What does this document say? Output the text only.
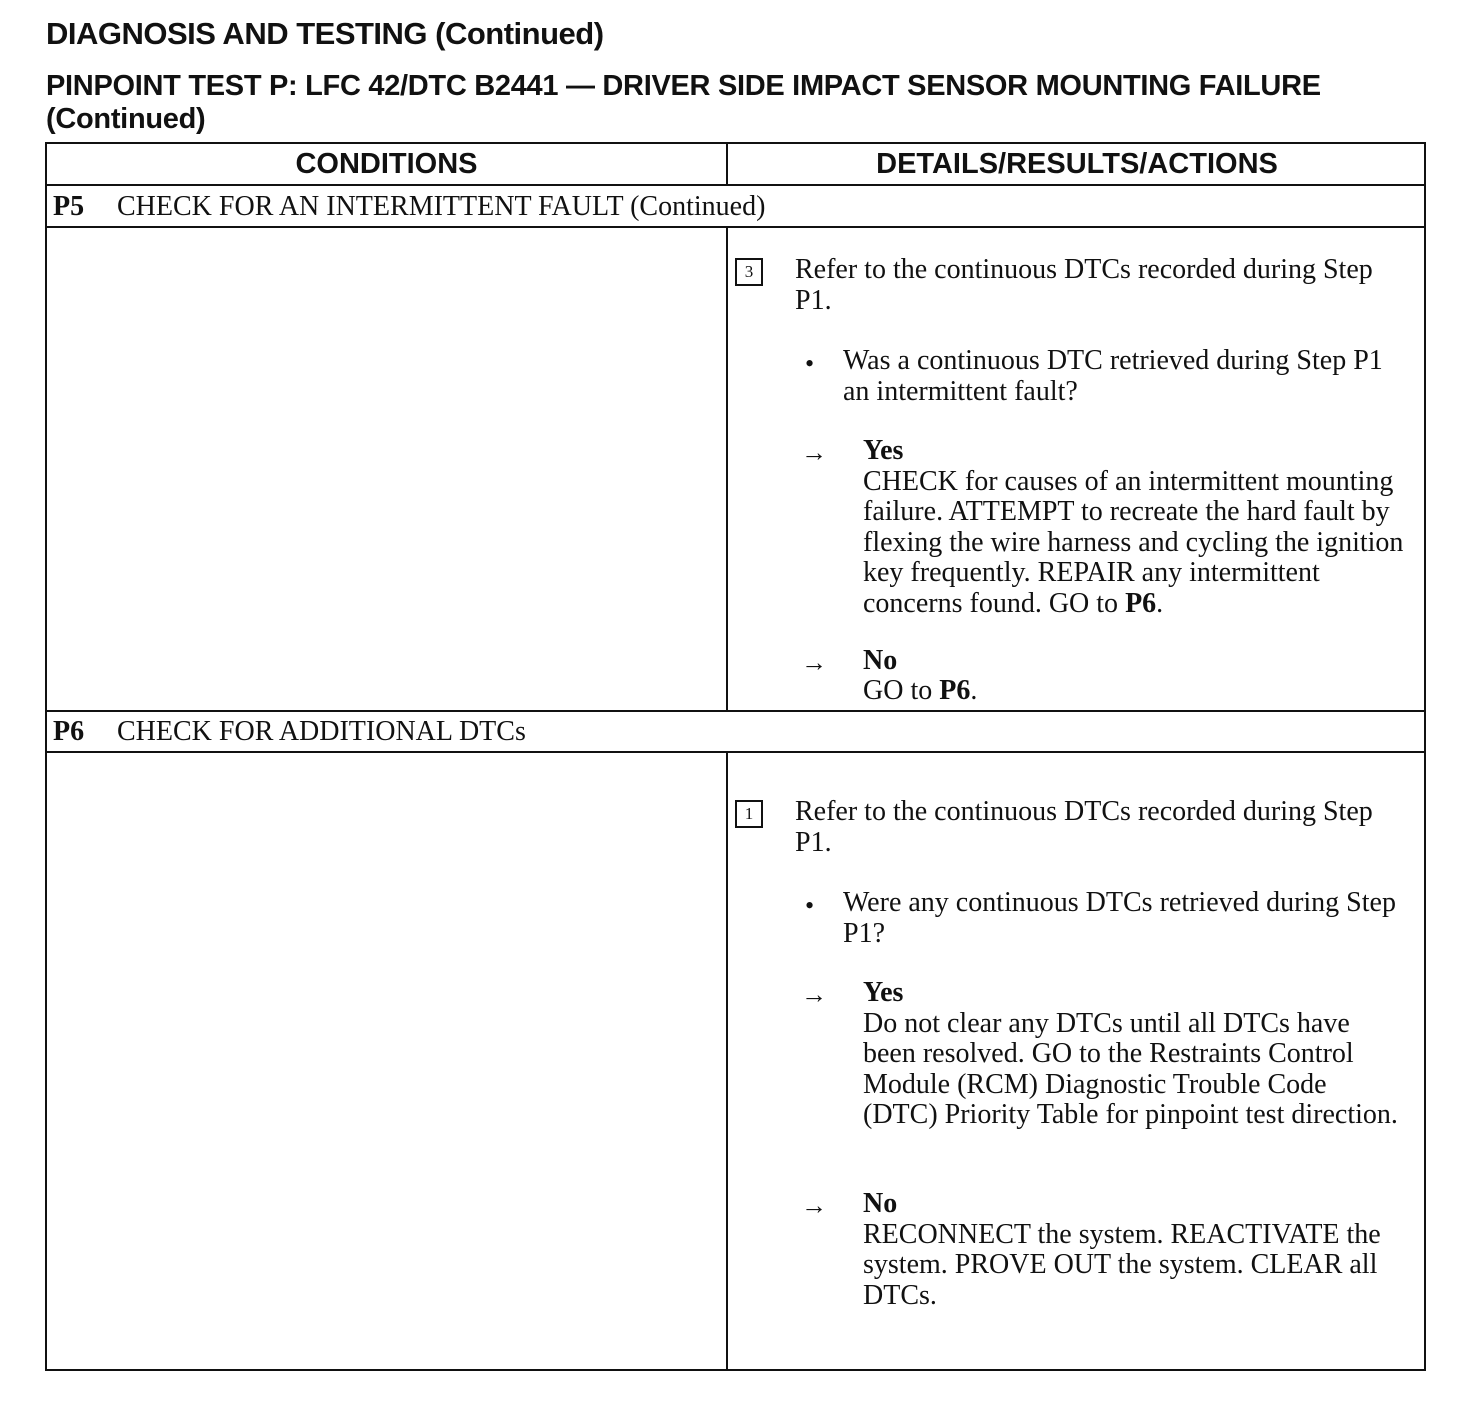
DIAGNOSIS AND TESTING (Continued)
PINPOINT TEST P: LFC 42/DTC B2441 — DRIVER SIDE IMPACT SENSOR MOUNTING FAILURE (Continued)
CONDITIONS	DETAILS/RESULTS/ACTIONS
P5 CHECK FOR AN INTERMITTENT FAULT (Continued)
3	Refer to the continuous DTCs recorded during Step P1.
• Was a continuous DTC retrieved during Step P1 an intermittent fault?
→ Yes
CHECK for causes of an intermittent mounting failure. ATTEMPT to recreate the hard fault by flexing the wire harness and cycling the ignition key frequently. REPAIR any intermittent concerns found. GO to P6.
→ No
GO to P6.
P6 CHECK FOR ADDITIONAL DTCs
1	Refer to the continuous DTCs recorded during Step P1.
• Were any continuous DTCs retrieved during Step P1?
→ Yes
Do not clear any DTCs until all DTCs have been resolved. GO to the Restraints Control Module (RCM) Diagnostic Trouble Code (DTC) Priority Table for pinpoint test direction.
→ No
RECONNECT the system. REACTIVATE the system. PROVE OUT the system. CLEAR all DTCs.
